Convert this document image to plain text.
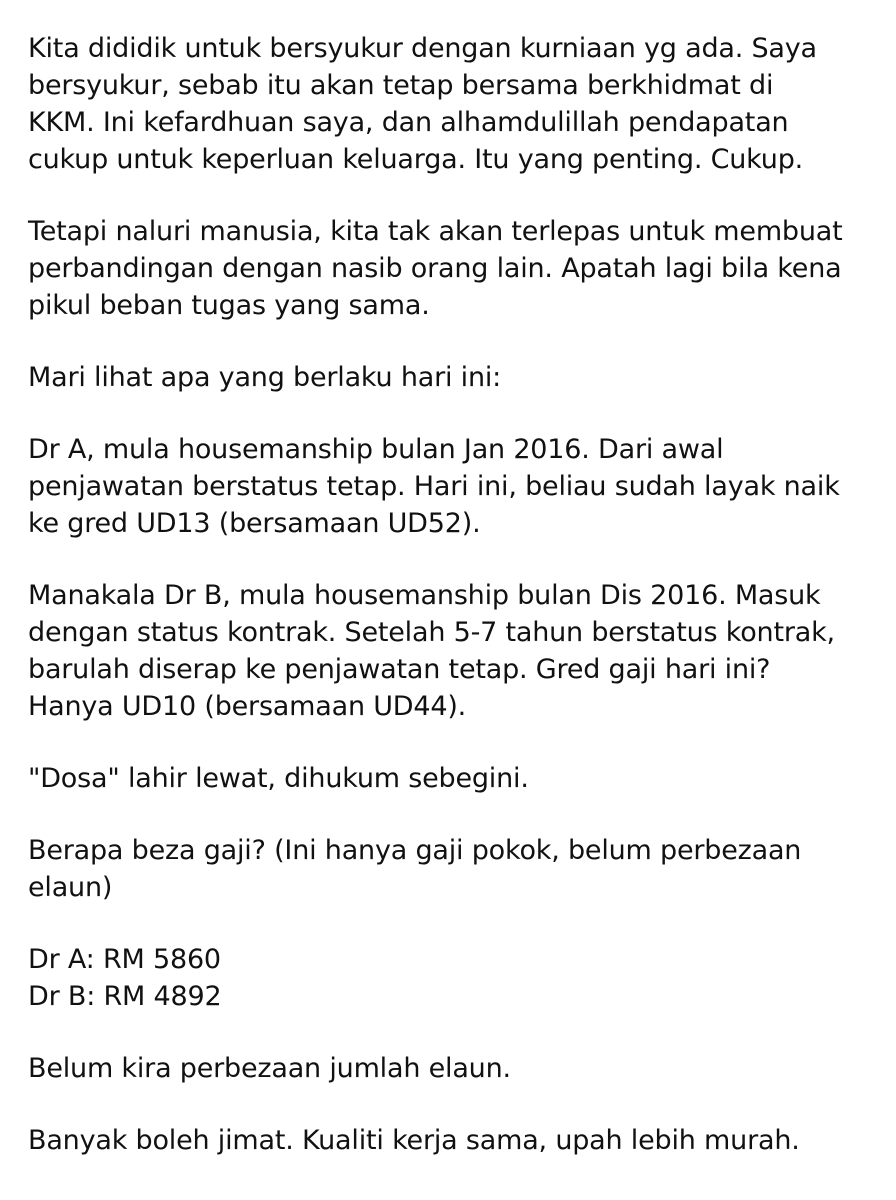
Kita dididik untuk bersyukur dengan kurniaan yg ada. Saya
bersyukur, sebab itu akan tetap bersama berkhidmat di
KKM. Ini kefardhuan saya, dan alhamdulillah pendapatan
cukup untuk keperluan keluarga. Itu yang penting. Cukup.
Tetapi naluri manusia, kita tak akan terlepas untuk membuat
perbandingan dengan nasib orang lain. Apatah lagi bila kena
pikul beban tugas yang sama.
Mari lihat apa yang berlaku hari ini:
Dr A, mula housemanship bulan Jan 2016. Dari awal
penjawatan berstatus tetap. Hari ini, beliau sudah layak naik
ke gred UD13 (bersamaan UD52).
Manakala Dr B, mula housemanship bulan Dis 2016. Masuk
dengan status kontrak. Setelah 5-7 tahun berstatus kontrak,
barulah diserap ke penjawatan tetap. Gred gaji hari ini?
Hanya UD10 (bersamaan UD44).
"Dosa" lahir lewat, dihukum sebegini.
Berapa beza gaji? (Ini hanya gaji pokok, belum perbezaan
elaun)
Dr A: RM 5860
Dr B: RM 4892
Belum kira perbezaan jumlah elaun.
Banyak boleh jimat. Kualiti kerja sama, upah lebih murah.
